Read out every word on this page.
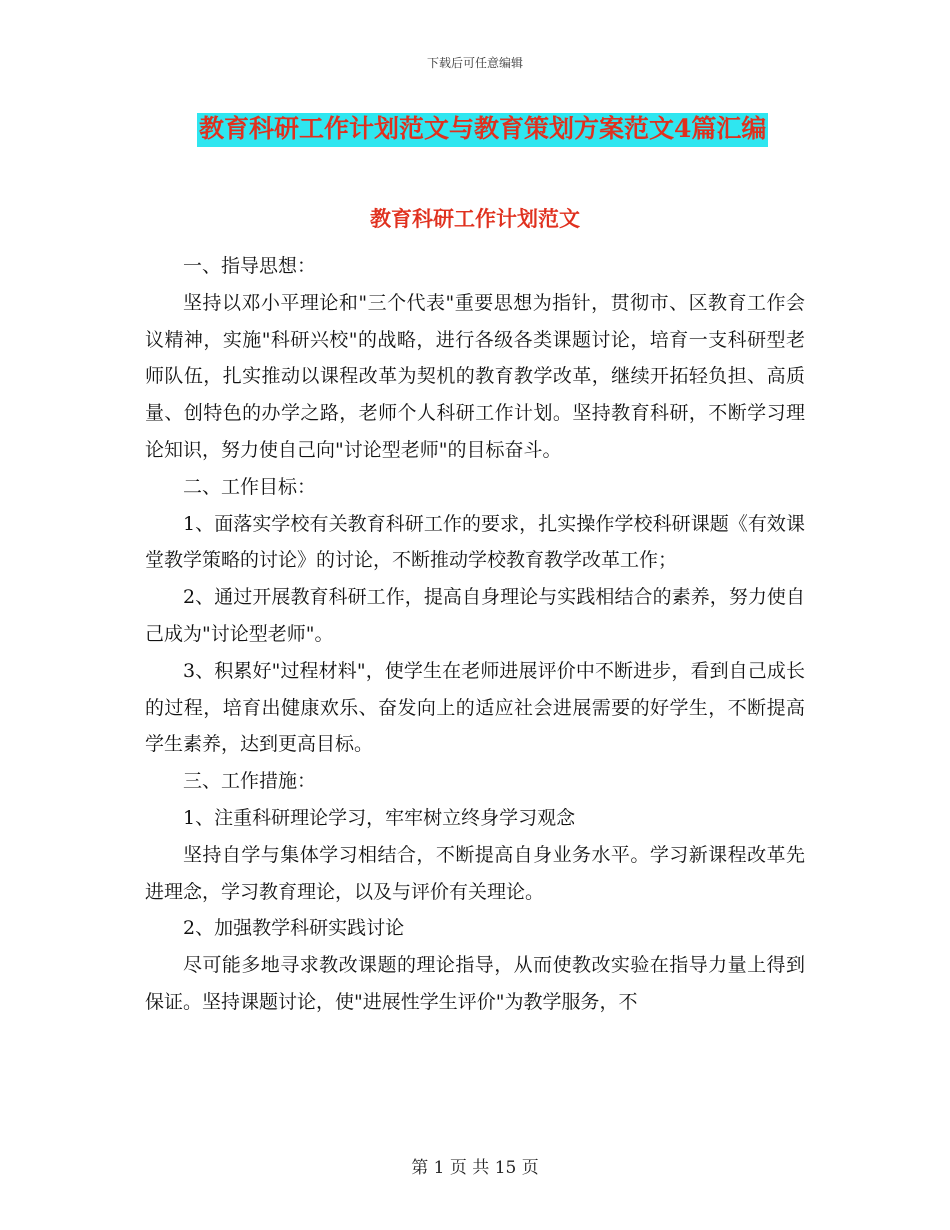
下载后可任意编辑
教育科研工作计划范文与教育策划方案范文4篇汇编
教育科研工作计划范文

一、指导思想：

坚持以邓小平理论和"三个代表"重要思想为指针，贯彻市、区教育工作会议精神，实施"科研兴校"的战略，进行各级各类课题讨论，培育一支科研型老师队伍，扎实推动以课程改革为契机的教育教学改革，继续开拓轻负担、高质量、创特色的办学之路，老师个人科研工作计划。坚持教育科研，不断学习理论知识，努力使自己向"讨论型老师"的目标奋斗。

二、工作目标：

1、面落实学校有关教育科研工作的要求，扎实操作学校科研课题《有效课堂教学策略的讨论》的讨论，不断推动学校教育教学改革工作；

2、通过开展教育科研工作，提高自身理论与实践相结合的素养，努力使自己成为"讨论型老师"。

3、积累好"过程材料"，使学生在老师进展评价中不断进步，看到自己成长的过程，培育出健康欢乐、奋发向上的适应社会进展需要的好学生，不断提高学生素养，达到更高目标。

三、工作措施：

1、注重科研理论学习，牢牢树立终身学习观念

坚持自学与集体学习相结合，不断提高自身业务水平。学习新课程改革先进理念，学习教育理论，以及与评价有关理论。

2、加强教学科研实践讨论

尽可能多地寻求教改课题的理论指导，从而使教改实验在指导力量上得到保证。坚持课题讨论，使"进展性学生评价"为教学服务，不

第 1 页 共 15 页
